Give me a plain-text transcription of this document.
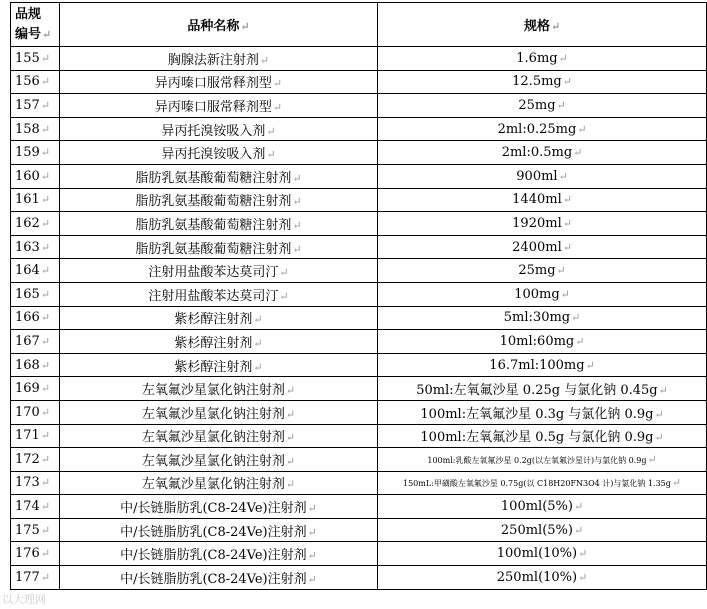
品规
编号↵	品种名称↵	规格↵
155↵	胸腺法新注射剂↵	1.6mg↵
156↵	异丙嗪口服常释剂型↵	12.5mg↵
157↵	异丙嗪口服常释剂型↵	25mg↵
158↵	异丙托溴铵吸入剂↵	2ml:0.25mg↵
159↵	异丙托溴铵吸入剂↵	2ml:0.5mg↵
160↵	脂肪乳氨基酸葡萄糖注射剂↵	900ml↵
161↵	脂肪乳氨基酸葡萄糖注射剂↵	1440ml↵
162↵	脂肪乳氨基酸葡萄糖注射剂↵	1920ml↵
163↵	脂肪乳氨基酸葡萄糖注射剂↵	2400ml↵
164↵	注射用盐酸苯达莫司汀↵	25mg↵
165↵	注射用盐酸苯达莫司汀↵	100mg↵
166↵	紫杉醇注射剂↵	5ml:30mg↵
167↵	紫杉醇注射剂↵	10ml:60mg↵
168↵	紫杉醇注射剂↵	16.7ml:100mg↵
169↵	左氧氟沙星氯化钠注射剂↵	50ml:左氧氟沙星 0.25g 与氯化钠 0.45g↵
170↵	左氧氟沙星氯化钠注射剂↵	100ml:左氧氟沙星 0.3g 与氯化钠 0.9g↵
171↵	左氧氟沙星氯化钠注射剂↵	100ml:左氧氟沙星 0.5g 与氯化钠 0.9g↵
172↵	左氧氟沙星氯化钠注射剂↵	100ml:乳酸左氧氟沙星 0.2g(以左氧氟沙星计)与氯化钠 0.9g↵
173↵	左氧氟沙星氯化钠注射剂↵	150mL:甲磺酸左氧氟沙星 0.75g(以 C18H20FN3O4 计)与氯化钠 1.35g↵
174↵	中/长链脂肪乳(C8-24Ve)注射剂↵	100ml(5%)↵
175↵	中/长链脂肪乳(C8-24Ve)注射剂↵	250ml(5%)↵
176↵	中/长链脂肪乳(C8-24Ve)注射剂↵	100ml(10%)↵
177↵	中/长链脂肪乳(C8-24Ve)注射剂↵	250ml(10%)↵
以大理网
